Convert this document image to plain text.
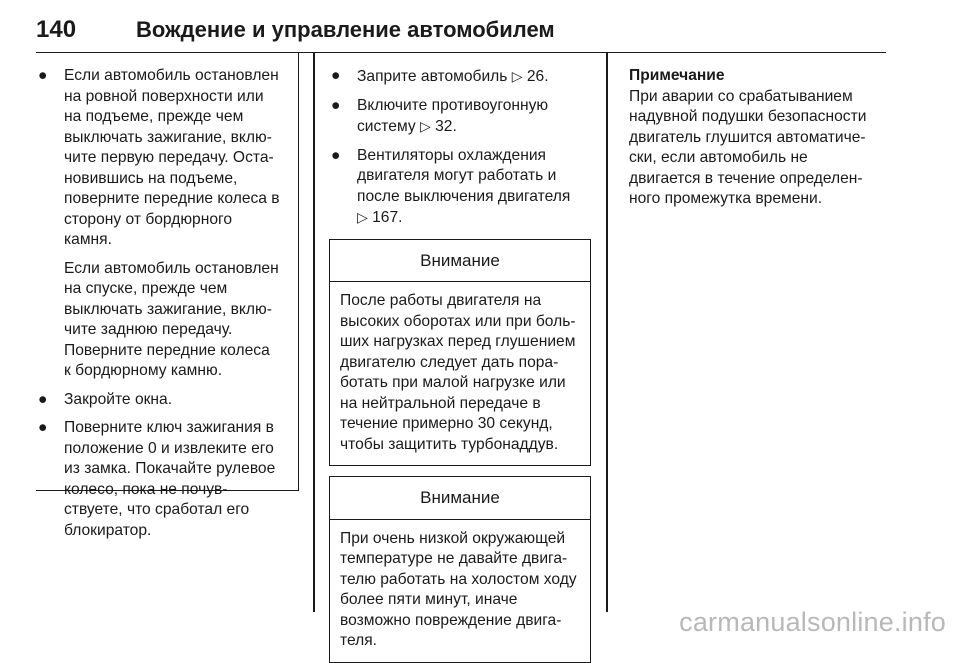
140	Вождение и управление автомобилем
● Если автомобиль остановлен
на ровной поверхности или
на подъеме, прежде чем
выключать зажигание, вклю-
чите первую передачу. Оста-
новившись на подъеме,
поверните передние колеса в
сторону от бордюрного
камня.
Если автомобиль остановлен
на спуске, прежде чем
выключать зажигание, вклю-
чите заднюю передачу.
Поверните передние колеса
к бордюрному камню.
● Закройте окна.
● Поверните ключ зажигания в
положение 0 и извлеките его
из замка. Покачайте рулевое
колесо, пока не почув-
ствуете, что сработал его
блокиратор.
● Заприте автомобиль ▷ 26.
● Включите противоугонную
систему ▷ 32.
● Вентиляторы охлаждения
двигателя могут работать и
после выключения двигателя
▷ 167.
Внимание
После работы двигателя на
высоких оборотах или при боль-
ших нагрузках перед глушением
двигателю следует дать пора-
ботать при малой нагрузке или
на нейтральной передаче в
течение примерно 30 секунд,
чтобы защитить турбонаддув.
Внимание
При очень низкой окружающей
температуре не давайте двига-
телю работать на холостом ходу
более пяти минут, иначе
возможно повреждение двига-
теля.
Примечание
При аварии со срабатыванием
надувной подушки безопасности
двигатель глушится автоматиче-
ски, если автомобиль не
двигается в течение определен-
ного промежутка времени.
carmanualsonline.info
